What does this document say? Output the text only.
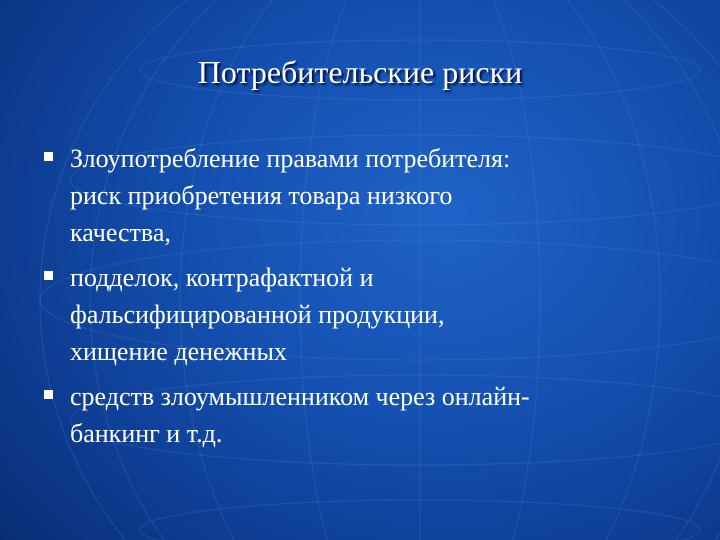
Потребительские риски
Злоупотребление правами потребителя:
риск приобретения товара низкого
качества,
подделок, контрафактной и
фальсифицированной продукции,
хищение денежных
средств злоумышленником через онлайн-
банкинг и т.д.
